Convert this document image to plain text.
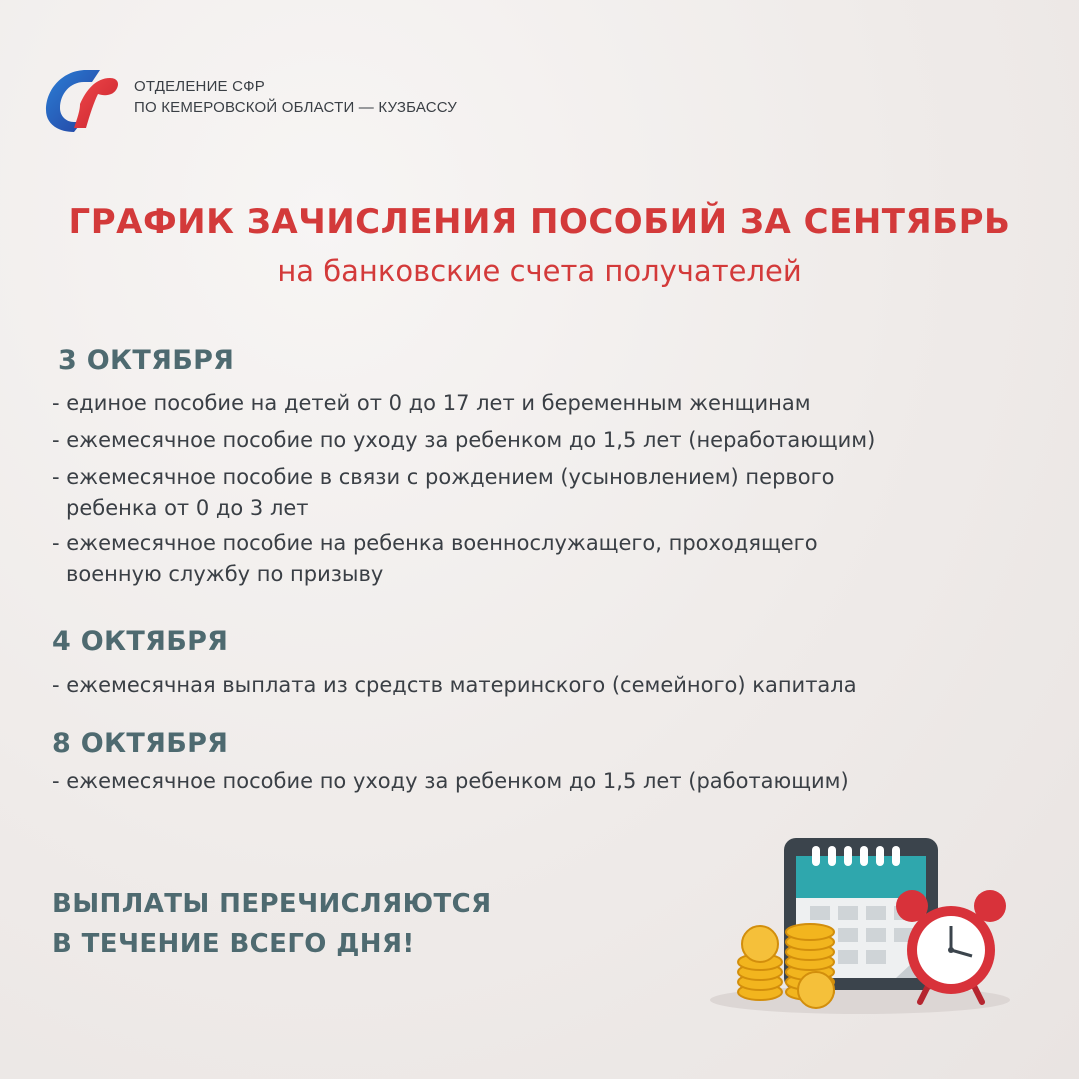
ОТДЕЛЕНИЕ СФР
ПО КЕМЕРОВСКОЙ ОБЛАСТИ — КУЗБАССУ
ГРАФИК ЗАЧИСЛЕНИЯ ПОСОБИЙ ЗА СЕНТЯБРЬ
на банковские счета получателей
3 ОКТЯБРЯ
- единое пособие на детей от 0 до 17 лет и беременным женщинам
- ежемесячное пособие по уходу за ребенком до 1,5 лет (неработающим)
- ежемесячное пособие в связи с рождением (усыновлением) первого
ребенка от 0 до 3 лет
- ежемесячное пособие на ребенка военнослужащего, проходящего
военную службу по призыву
4 ОКТЯБРЯ
- ежемесячная выплата из средств материнского (семейного) капитала
8 ОКТЯБРЯ
- ежемесячное пособие по уходу за ребенком до 1,5 лет (работающим)
ВЫПЛАТЫ ПЕРЕЧИСЛЯЮТСЯ
В ТЕЧЕНИЕ ВСЕГО ДНЯ!
